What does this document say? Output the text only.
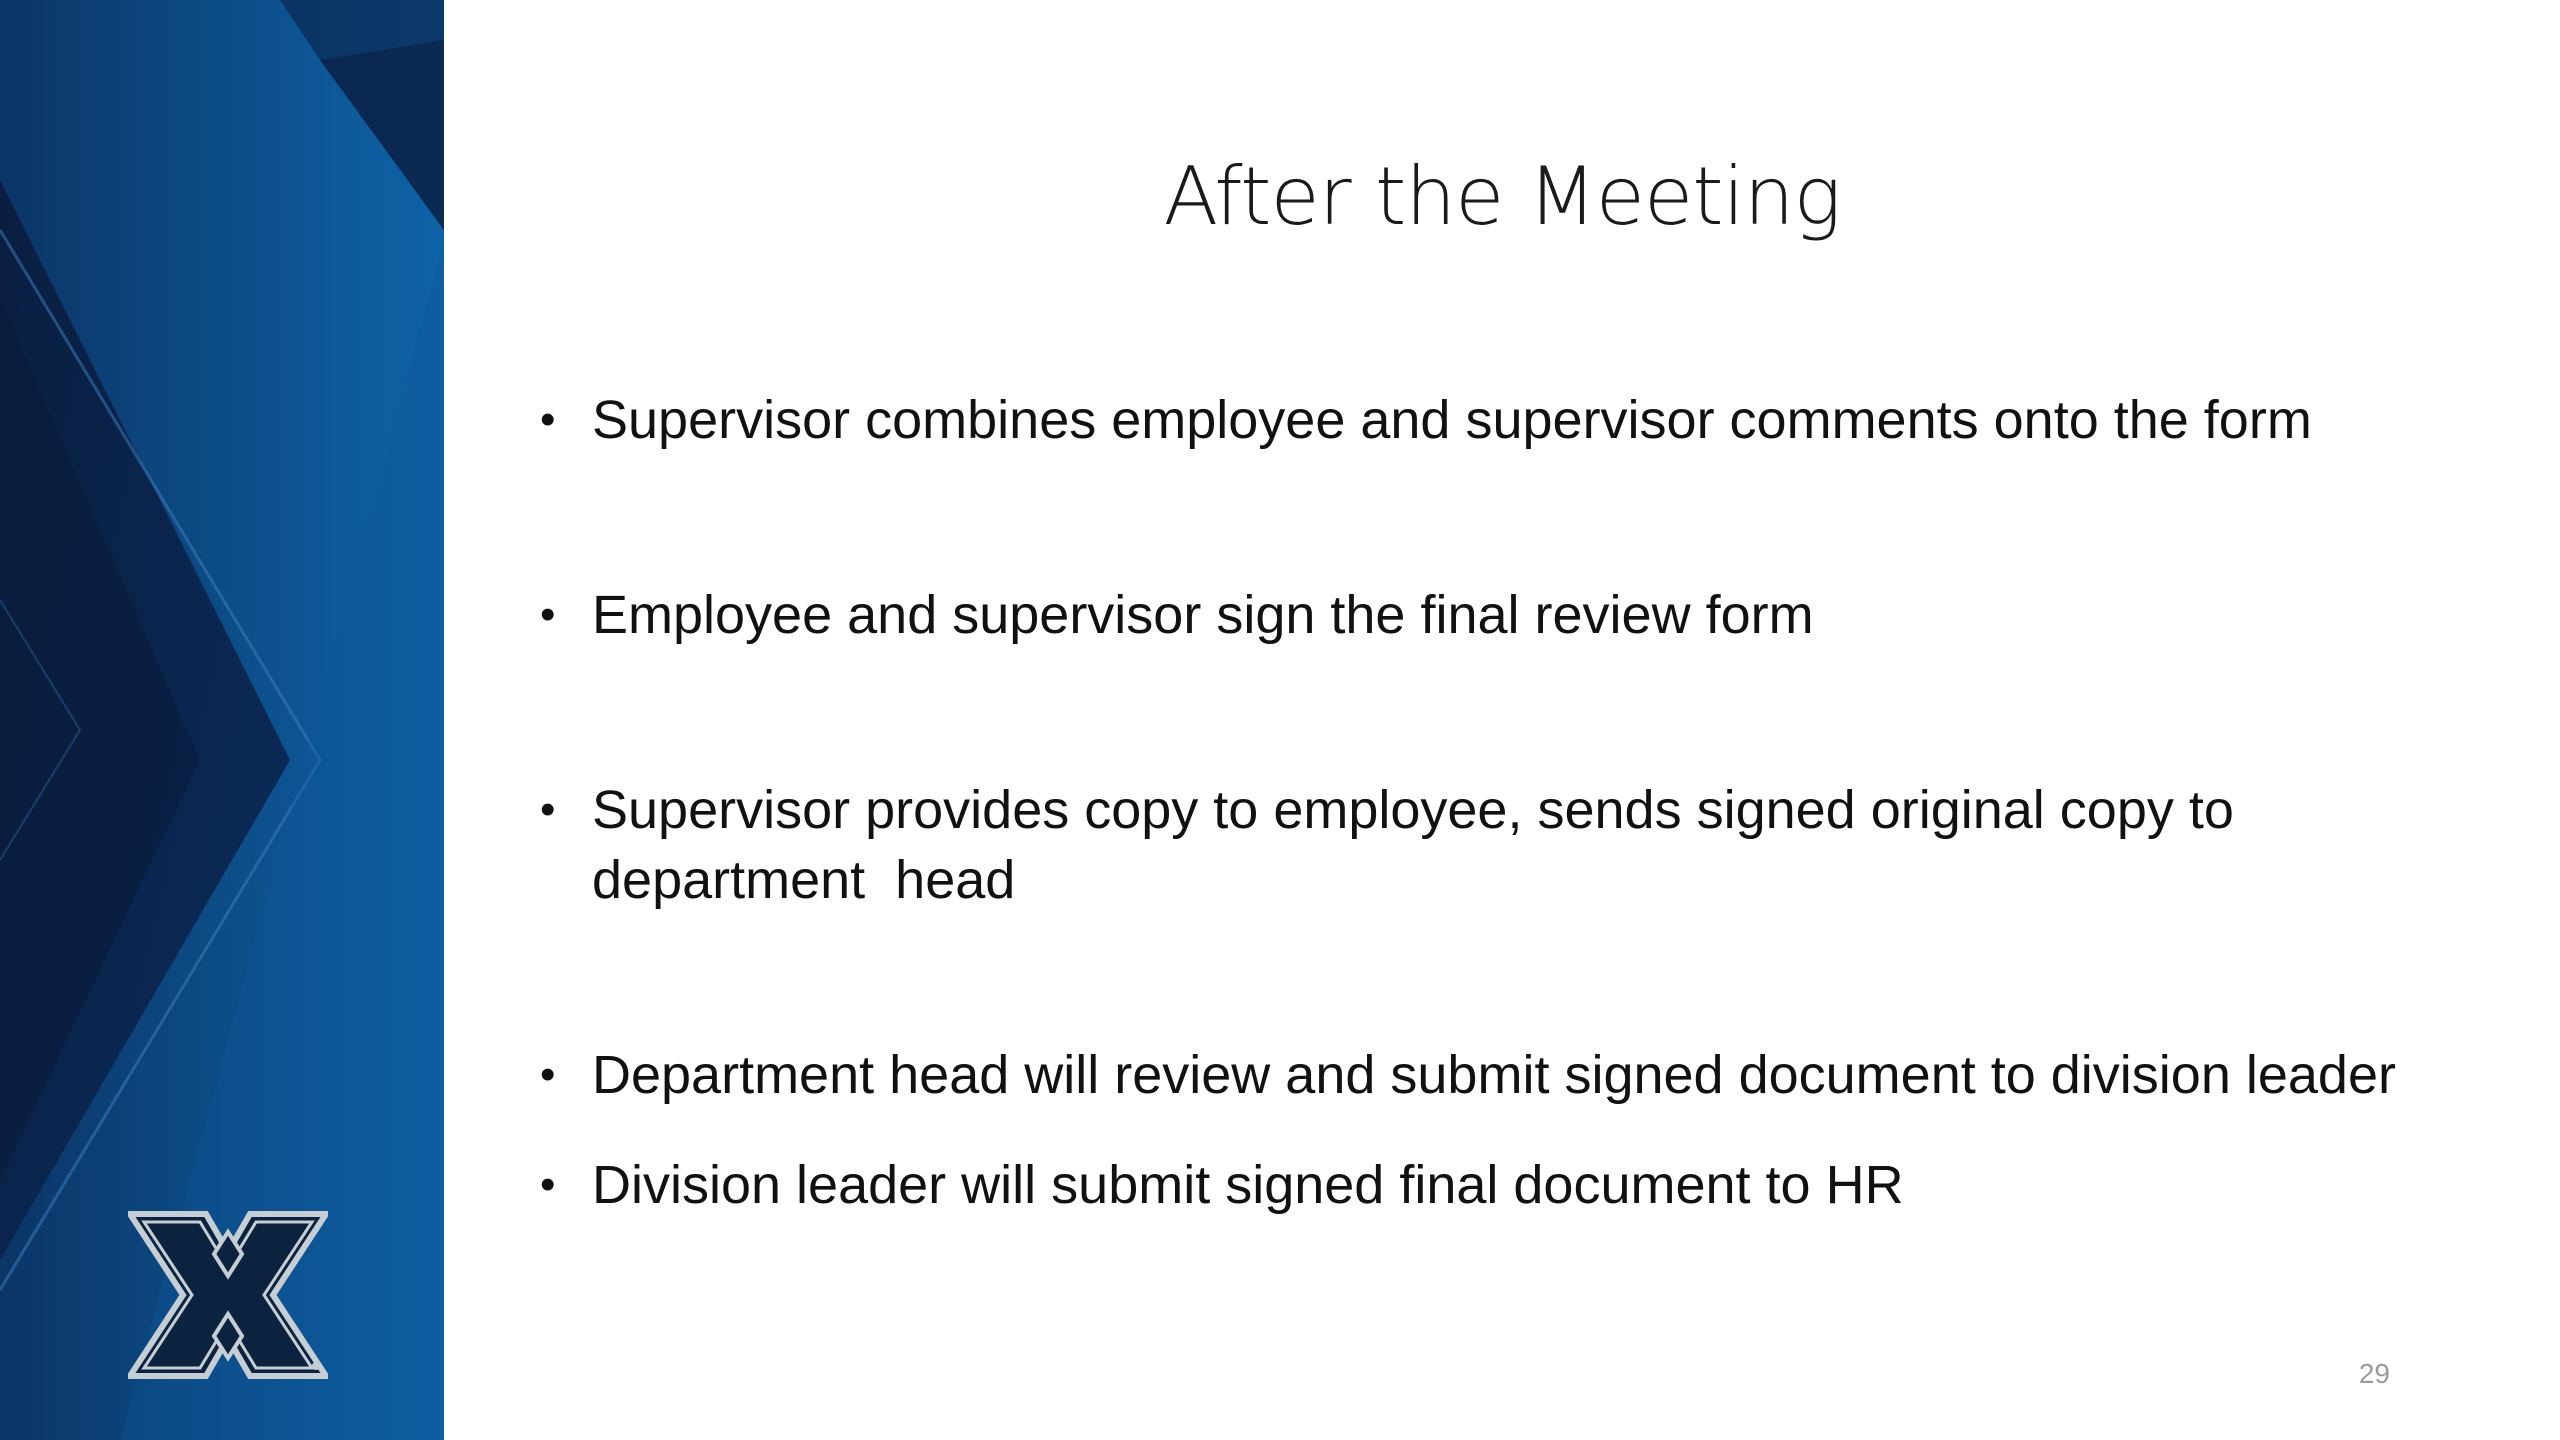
After the Meeting
• Supervisor combines employee and supervisor comments onto the form
• Employee and supervisor sign the final review form
• Supervisor provides copy to employee, sends signed original copy to department  head
• Department head will review and submit signed document to division leader
• Division leader will submit signed final document to HR
29
